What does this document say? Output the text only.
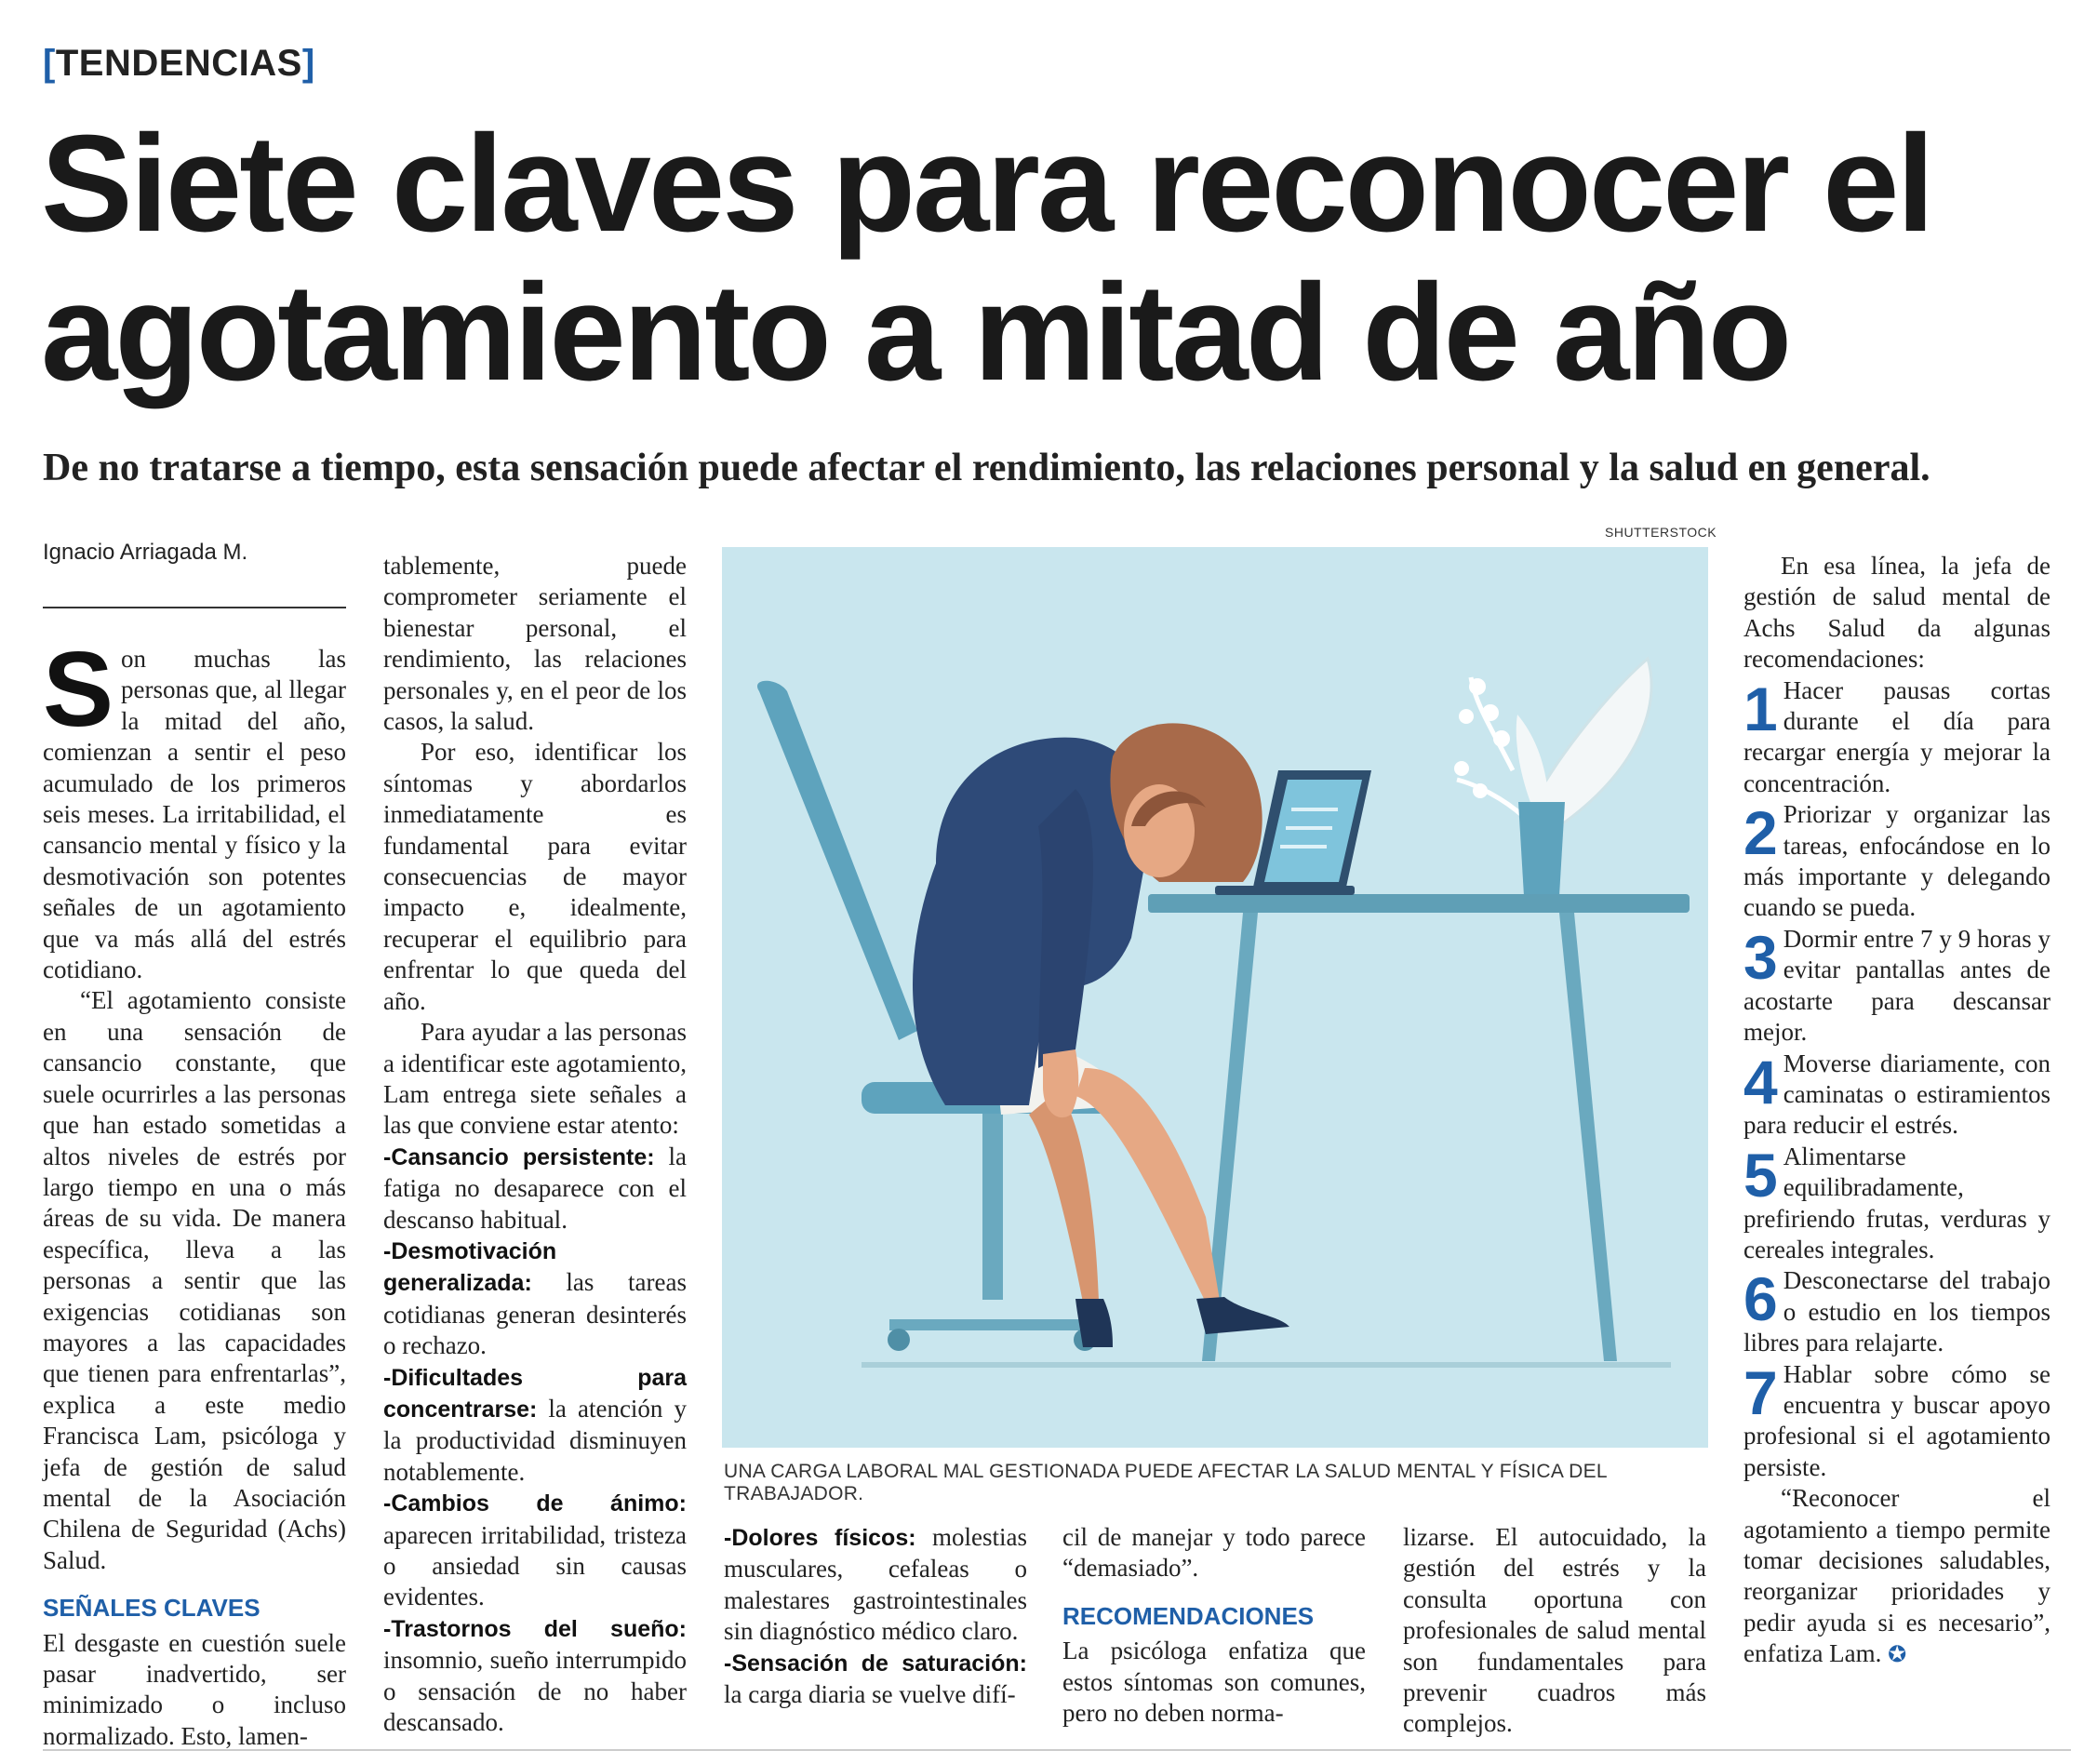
[TENDENCIAS]
Siete claves para reconocer el agotamiento a mitad de año

De no tratarse a tiempo, esta sensación puede afectar el rendimiento, las relaciones personal y la salud en general.

Ignacio Arriagada M.

Son muchas las personas que, al llegar la mitad del año, comienzan a sentir el peso acumulado de los primeros seis meses. La irritabilidad, el cansancio mental y físico y la desmotivación son potentes señales de un agotamiento que va más allá del estrés cotidiano.

“El agotamiento consiste en una sensación de cansancio constante, que suele ocurrirles a las personas que han estado sometidas a altos niveles de estrés por largo tiempo en una o más áreas de su vida. De manera específica, lleva a las personas a sentir que las exigencias cotidianas son mayores a las capacidades que tienen para enfrentarlas”, explica a este medio Francisca Lam, psicóloga y jefa de gestión de salud mental de la Asociación Chilena de Seguridad (Achs) Salud.

SEÑALES CLAVES

El desgaste en cuestión suele pasar inadvertido, ser minimizado o incluso normalizado. Esto, lamen-

tablemente, puede comprometer seriamente el bienestar personal, el rendimiento, las relaciones personales y, en el peor de los casos, la salud.

Por eso, identificar los síntomas y abordarlos inmediatamente es fundamental para evitar consecuencias de mayor impacto e, idealmente, recuperar el equilibrio para enfrentar lo que queda del año.

Para ayudar a las personas a identificar este agotamiento, Lam entrega siete señales a las que conviene estar atento:

-Cansancio persistente: la fatiga no desaparece con el descanso habitual.

-Desmotivación generalizada: las tareas cotidianas generan desinterés o rechazo.

-Dificultades para concentrarse: la atención y la productividad disminuyen notablemente.

-Cambios de ánimo: aparecen irritabilidad, tristeza o ansiedad sin causas evidentes.

-Trastornos del sueño: insomnio, sueño interrumpido o sensación de no haber descansado.

SHUTTERSTOCK
UNA CARGA LABORAL MAL GESTIONADA PUEDE AFECTAR LA SALUD MENTAL Y FÍSICA DEL TRABAJADOR.

-Dolores físicos: molestias musculares, cefaleas o malestares gastrointestinales sin diagnóstico médico claro.

-Sensación de saturación: la carga diaria se vuelve difí-

cil de manejar y todo parece “demasiado”.

RECOMENDACIONES

La psicóloga enfatiza que estos síntomas son comunes, pero no deben norma-

lizarse. El autocuidado, la gestión del estrés y la consulta oportuna con profesionales de salud mental son fundamentales para prevenir cuadros más complejos.

En esa línea, la jefa de gestión de salud mental de Achs Salud da algunas recomendaciones:

1 Hacer pausas cortas durante el día para recargar energía y mejorar la concentración.

2 Priorizar y organizar las tareas, enfocándose en lo más importante y delegando cuando se pueda.

3 Dormir entre 7 y 9 horas y evitar pantallas antes de acostarte para descansar mejor.

4 Moverse diariamente, con caminatas o estiramientos para reducir el estrés.

5 Alimentarse equilibradamente, prefiriendo frutas, verduras y cereales integrales.

6 Desconectarse del trabajo o estudio en los tiempos libres para relajarte.

7 Hablar sobre cómo se encuentra y buscar apoyo profesional si el agotamiento persiste.

“Reconocer el agotamiento a tiempo permite tomar decisiones saludables, reorganizar prioridades y pedir ayuda si es necesario”, enfatiza Lam. ✪
